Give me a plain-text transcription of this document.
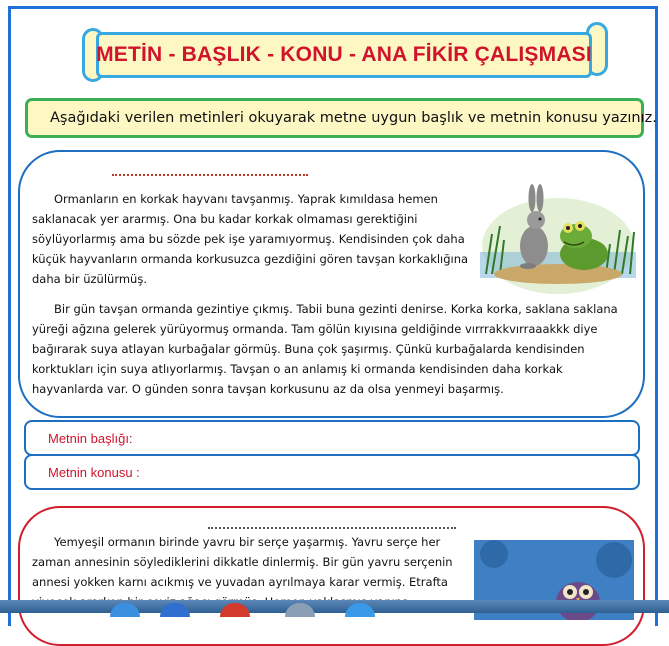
METİN - BAŞLIK - KONU - ANA FİKİR ÇALIŞMASI
Aşağıdaki verilen metinleri okuyarak metne uygun başlık ve metnin konusu yazınız.

Ormanların en korkak hayvanı tavşanmış. Yaprak kımıldasa hemen saklanacak yer ararmış. Ona bu kadar korkak olmaması gerektiğini söylüyorlarmış ama bu sözde pek işe yaramıyormuş. Kendisinden çok daha küçük hayvanların ormanda korkusuzca gezdiğini gören tavşan korkaklığına daha bir üzülürmüş.

Bir gün tavşan ormanda gezintiye çıkmış. Tabii buna gezinti denirse. Korka korka, saklana saklana yüreği ağzına gelerek yürüyormuş ormanda. Tam gölün kıyısına geldiğinde vırrrakkvırraaakkk diye bağırarak suya atlayan kurbağalar görmüş. Buna çok şaşırmış. Çünkü kurbağalarda kendisinden korktukları için suya atlıyorlarmış. Tavşan o an anlamış ki ormanda kendisinden daha korkak hayvanlarda var. O günden sonra tavşan korkusunu az da olsa yenmeyi başarmış.

Metnin başlığı:
Metnin konusu :

Yemyeşil ormanın birinde yavru bir serçe yaşarmış. Yavru serçe her zaman annesinin söylediklerini dikkatle dinlermiş. Bir gün yavru serçenin annesi yokken karnı acıkmış ve yuvadan ayrılmaya karar vermiş. Etrafta
